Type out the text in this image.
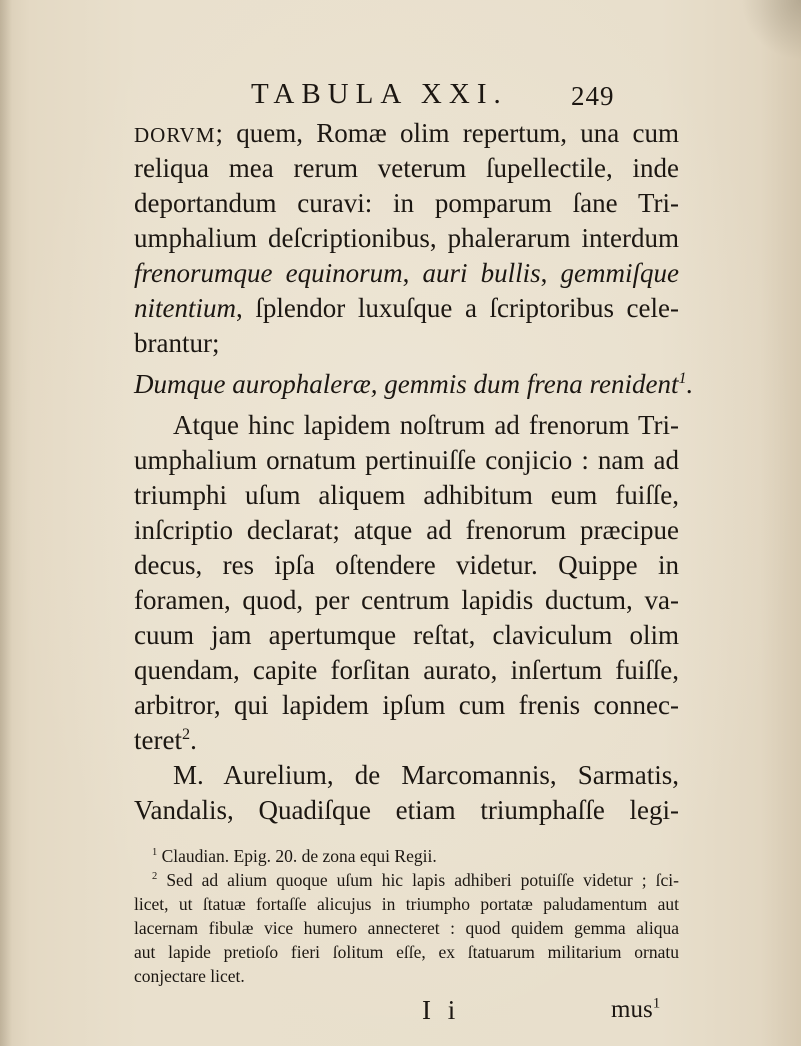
TABULA XXI. 249
DORVM; quem, Romæ olim repertum, una cum
reliqua mea rerum veterum ſupellectile, inde
deportandum curavi: in pomparum ſane Tri-
umphalium deſcriptionibus, phalerarum interdum
frenorumque equinorum, auri bullis, gemmiſque
nitentium, ſplendor luxuſque a ſcriptoribus cele-
brantur;
Dumque aurophaleræ, gemmis dum frena renident$^1$.
Atque hinc lapidem noſtrum ad frenorum Tri-
umphalium ornatum pertinuiſſe conjicio : nam ad
triumphi uſum aliquem adhibitum eum fuiſſe,
inſcriptio declarat; atque ad frenorum præcipue
decus, res ipſa oſtendere videtur. Quippe in
foramen, quod, per centrum lapidis ductum, va-
cuum jam apertumque reſtat, claviculum olim
quendam, capite forſitan aurato, inſertum fuiſſe,
arbitror, qui lapidem ipſum cum frenis connec-
teret$^2$.
M. Aurelium, de Marcomannis, Sarmatis,
Vandalis, Quadiſque etiam triumphaſſe legi-
$^1$ Claudian. Epig. 20. de zona equi Regii.
$^2$ Sed ad alium quoque uſum hic lapis adhiberi potuiſſe videtur ; ſci-
licet, ut ſtatuæ fortaſſe alicujus in triumpho portatæ paludamentum aut
lacernam fibulæ vice humero annecteret : quod quidem gemma aliqua
aut lapide pretioſo fieri ſolitum eſſe, ex ſtatuarum militarium ornatu
conjectare licet.
I i	mus$^1$
